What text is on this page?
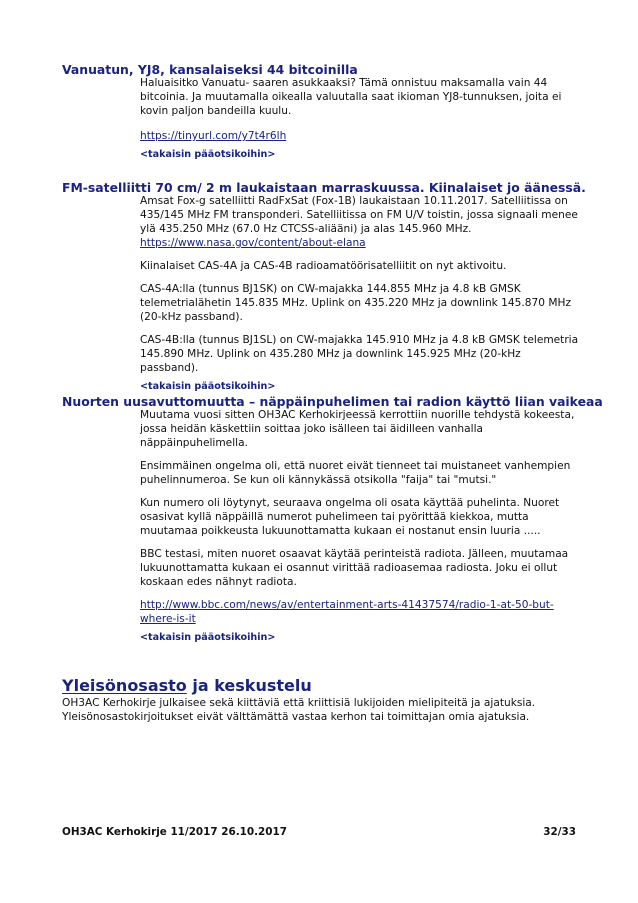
Vanuatun, YJ8, kansalaiseksi 44 bitcoinilla

Haluaisitko Vanuatu- saaren asukkaaksi? Tämä onnistuu maksamalla vain 44 bitcoinia. Ja muutamalla oikealla valuutalla saat ikioman YJ8-tunnuksen, joita ei kovin paljon bandeilla kuulu.

https://tinyurl.com/y7t4r6lh

<takaisin pääotsikoihin>

FM-satelliitti 70 cm/ 2 m laukaistaan marraskuussa. Kiinalaiset jo äänessä.

Amsat Fox-g satelliitti RadFxSat (Fox-1B) laukaistaan 10.11.2017. Satelliitissa on 435/145 MHz FM transponderi. Satelliitissa on FM U/V toistin, jossa signaali menee ylä 435.250 MHz (67.0 Hz CTCSS-aliääni) ja alas 145.960 MHz.

https://www.nasa.gov/content/about-elana

Kiinalaiset CAS-4A ja CAS-4B radioamatöörisatelliitit on nyt aktivoitu.

CAS-4A:lla (tunnus BJ1SK) on CW-majakka 144.855 MHz ja 4.8 kB GMSK telemetrialähetin 145.835 MHz. Uplink on 435.220 MHz ja downlink 145.870 MHz (20-kHz passband).

CAS-4B:lla (tunnus BJ1SL) on CW-majakka 145.910 MHz ja 4.8 kB GMSK telemetria 145.890 MHz. Uplink on 435.280 MHz ja downlink 145.925 MHz (20-kHz passband).

<takaisin pääotsikoihin>

Nuorten uusavuttomuutta – näppäinpuhelimen tai radion käyttö liian vaikeaa

Muutama vuosi sitten OH3AC Kerhokirjeessä kerrottiin nuorille tehdystä kokeesta, jossa heidän käskettiin soittaa joko isälleen tai äidilleen vanhalla näppäinpuhelimella.

Ensimmäinen ongelma oli, että nuoret eivät tienneet tai muistaneet vanhempien puhelinnumeroa. Se kun oli kännykässä otsikolla "faija" tai "mutsi."

Kun numero oli löytynyt, seuraava ongelma oli osata käyttää puhelinta. Nuoret osasivat kyllä näppäillä numerot puhelimeen tai pyörittää kiekkoa, mutta muutamaa poikkeusta lukuunottamatta kukaan ei nostanut ensin luuria .....

BBC testasi, miten nuoret osaavat käytää perinteistä radiota. Jälleen, muutamaa lukuunottamatta kukaan ei osannut virittää radioasemaa radiosta. Joku ei ollut koskaan edes nähnyt radiota.

http://www.bbc.com/news/av/entertainment-arts-41437574/radio-1-at-50-but-where-is-it

<takaisin pääotsikoihin>

Yleisönosasto ja keskustelu
OH3AC Kerhokirje julkaisee sekä kiittäviä että kriittisiä lukijoiden mielipiteitä ja ajatuksia. Yleisönosastokirjoitukset eivät välttämättä vastaa kerhon tai toimittajan omia ajatuksia.
OH3AC Kerhokirje 11/2017 26.10.2017	32/33
